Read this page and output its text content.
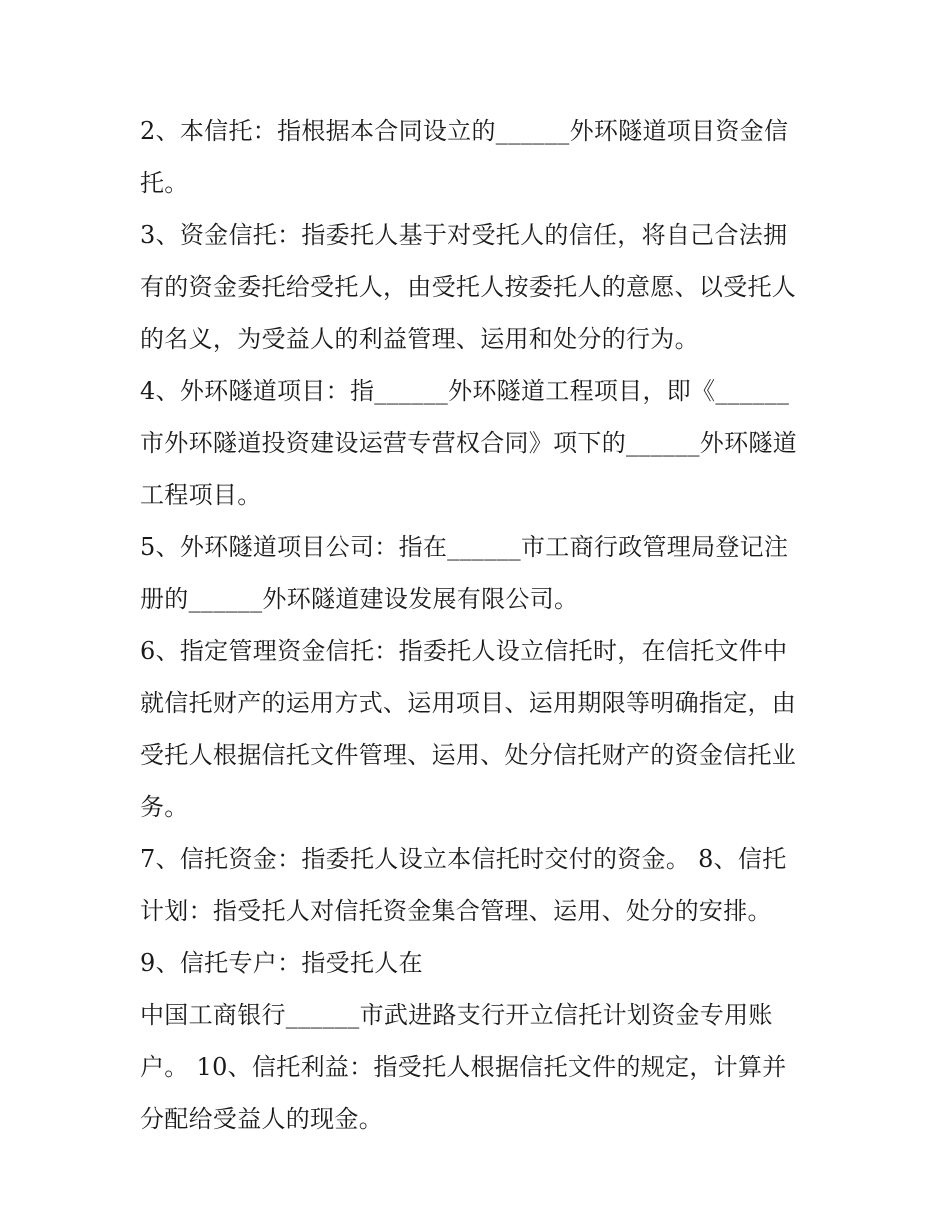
2、本信托：指根据本合同设立的______外环隧道项目资金信
托。
3、资金信托：指委托人基于对受托人的信任，将自己合法拥
有的资金委托给受托人，由受托人按委托人的意愿、以受托人
的名义，为受益人的利益管理、运用和处分的行为。
4、外环隧道项目：指______外环隧道工程项目，即《______
市外环隧道投资建设运营专营权合同》项下的______外环隧道
工程项目。
5、外环隧道项目公司：指在______市工商行政管理局登记注
册的______外环隧道建设发展有限公司。
6、指定管理资金信托：指委托人设立信托时，在信托文件中
就信托财产的运用方式、运用项目、运用期限等明确指定，由
受托人根据信托文件管理、运用、处分信托财产的资金信托业
务。
7、信托资金：指委托人设立本信托时交付的资金。 8、信托
计划：指受托人对信托资金集合管理、运用、处分的安排。
9、信托专户：指受托人在
中国工商银行______市武进路支行开立信托计划资金专用账
户。 10、信托利益：指受托人根据信托文件的规定，计算并
分配给受益人的现金。
